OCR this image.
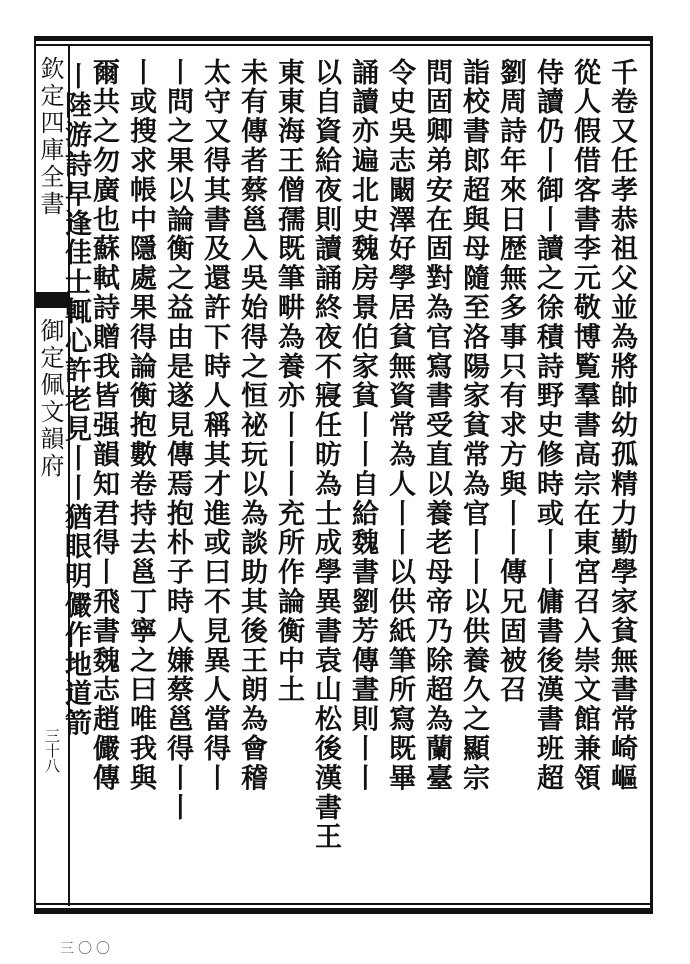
欽定四庫全書
御定佩文韻府
三十八	千卷又任孝恭祖父並為將帥幼孤精力勤學家貧無書常崎嶇
從人假借客書李元敬博覧羣書高宗在東宮召入崇文館兼領
侍讀仍丨御丨讀之徐積詩野史修時或丨丨傭書後漢書班超
劉周詩年來日歴無多事只有求方與丨丨傳兄固被召
詣校書郎超與母隨至洛陽家貧常為官丨丨以供養久之顯宗
問固卿弟安在固對為官寫書受直以養老母帝乃除超為蘭臺
令史吳志闞澤好學居貧無資常為人丨丨以供紙筆所寫既畢
誦讀亦遍北史魏房景伯家貧丨丨自給魏書劉芳傳晝則丨丨
以自資給夜則讀誦終夜不寢任昉為士成學異書袁山松後漢書王
東東海王僧孺既筆畊為養亦丨丨丨充所作論衡中土
未有傳者蔡邕入吳始得之恒祕玩以為談助其後王朗為會稽
太守又得其書及還許下時人稱其才進或曰不見異人當得丨
丨問之果以論衡之益由是遂見傳焉抱朴子時人嫌蔡邕得丨丨
丨或搜求帳中隱處果得論衡抱數卷持去邕丁寧之曰唯我與
爾共之勿廣也蘇軾詩贈我皆强韻知君得丨飛書魏志趙儼傳
丨陸游詩早逢佳士輒心許老見丨丨猶眼明儼作地道箭
三〇〇
